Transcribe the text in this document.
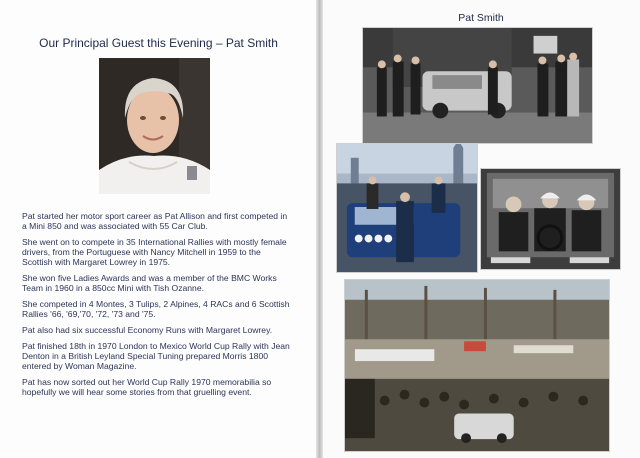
Our Principal Guest this Evening – Pat Smith

Pat started her motor sport career as Pat Allison and first competed in a Mini 850 and was associated with 55 Car Club.

She went on to compete in 35 International Rallies with mostly female drivers, from the Portuguese with Nancy Mitchell in 1959 to the Scottish with Margaret Lowrey in 1975.

She won five Ladies Awards and was a member of the BMC Works Team in 1960 in a 850cc Mini with Tish Ozanne.

She competed in 4 Montes, 3 Tulips, 2 Alpines, 4 RACs and 6 Scottish Rallies '66, '69,'70, '72, '73 and '75.

Pat also had six successful Economy Runs with Margaret Lowrey.

Pat finished 18th in 1970 London to Mexico World Cup Rally with Jean Denton in a British Leyland Special Tuning prepared Morris 1800 entered by Woman Magazine.

Pat has now sorted out her World Cup Rally 1970 memorabilia so hopefully we will hear some stories from that gruelling event.

Pat Smith
